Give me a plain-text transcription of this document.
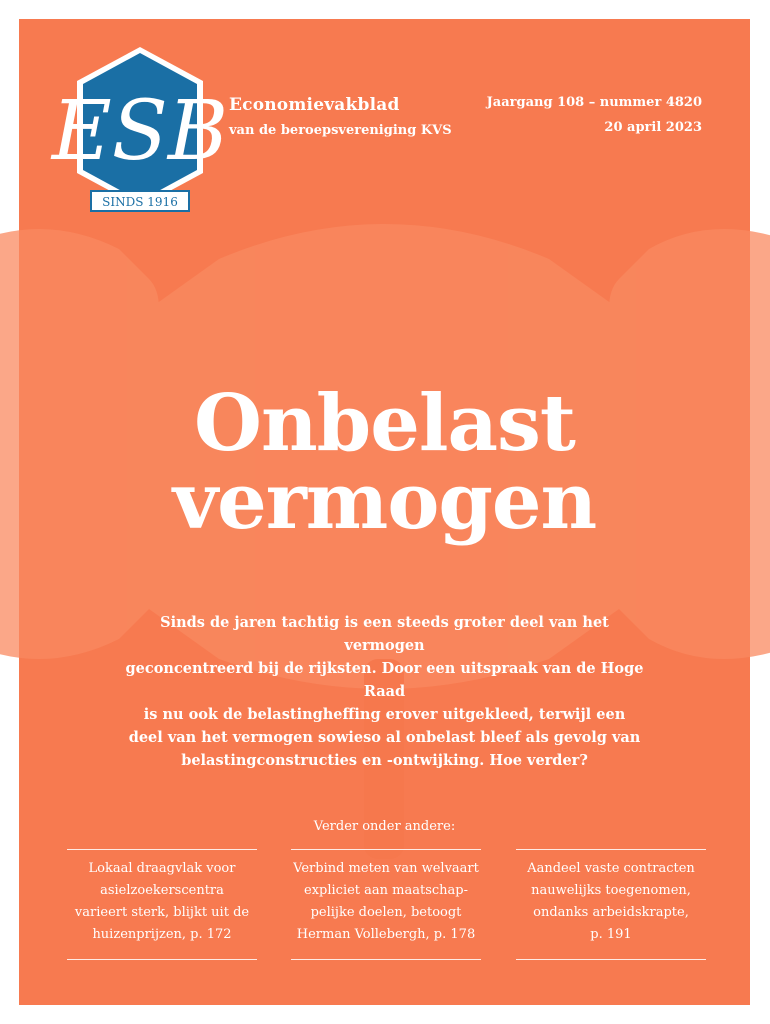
ESB
SINDS 1916
Economievakblad
van de beroepsvereniging KVS
Jaargang 108 – nummer 4820
20 april 2023
Onbelast
vermogen
Sinds de jaren tachtig is een steeds groter deel van het vermogen
geconcentreerd bij de rijksten. Door een uitspraak van de Hoge Raad
is nu ook de belastingheffing erover uitgekleed, terwijl een
deel van het vermogen sowieso al onbelast bleef als gevolg van
belastingconstructies en -ontwijking. Hoe verder?
Verder onder andere:
Lokaal draagvlak voor
asielzoekerscentra
varieert sterk, blijkt uit de
huizenprijzen, p. 172
Verbind meten van welvaart
expliciet aan maatschap-
pelijke doelen, betoogt
Herman Vollebergh, p. 178
Aandeel vaste contracten
nauwelijks toegenomen,
ondanks arbeidskrapte,
p. 191
